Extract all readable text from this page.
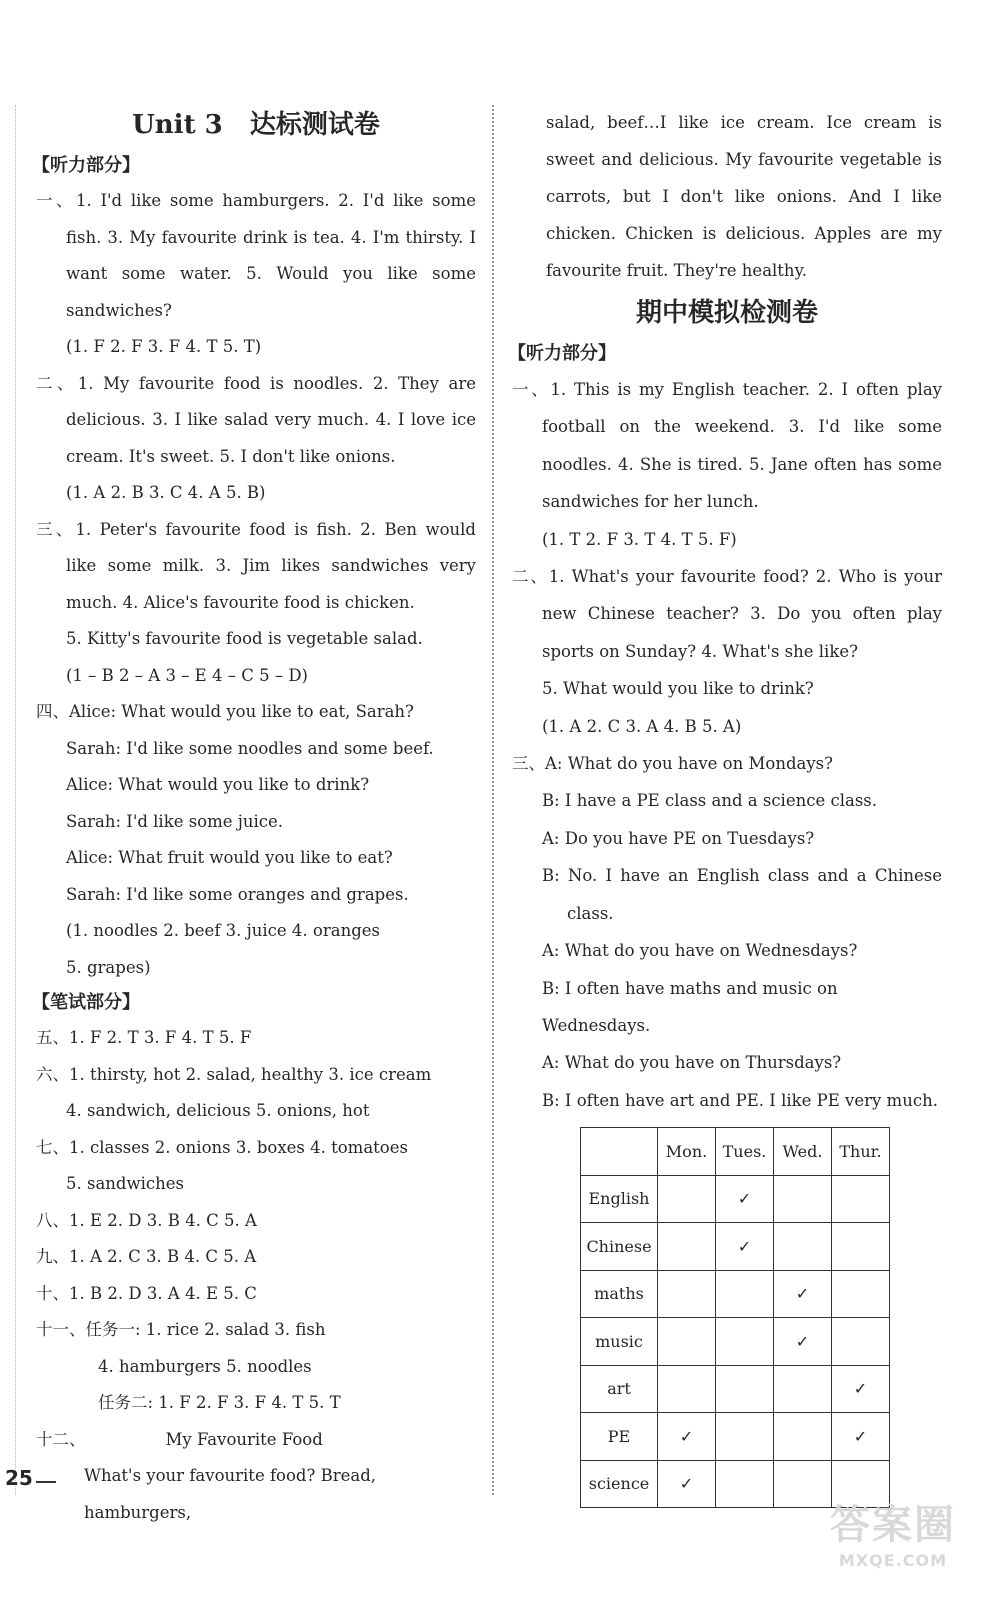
Unit 3   达标测试卷
【听力部分】

一、1. I'd like some hamburgers. 2. I'd like some fish. 3. My favourite drink is tea. 4. I'm thirsty. I want some water. 5. Would you like some sandwiches?

(1. F 2. F 3. F 4. T 5. T)

二、1. My favourite food is noodles. 2. They are delicious. 3. I like salad very much. 4. I love ice cream. It's sweet. 5. I don't like onions.

(1. A 2. B 3. C 4. A 5. B)

三、1. Peter's favourite food is fish. 2. Ben would like some milk. 3. Jim likes sandwiches very much. 4. Alice's favourite food is chicken.

5. Kitty's favourite food is vegetable salad.

(1 – B 2 – A 3 – E 4 – C 5 – D)

四、Alice: What would you like to eat, Sarah?

Sarah: I'd like some noodles and some beef.

Alice: What would you like to drink?

Sarah: I'd like some juice.

Alice: What fruit would you like to eat?

Sarah: I'd like some oranges and grapes.

(1. noodles 2. beef 3. juice 4. oranges

5. grapes)

【笔试部分】

五、1. F 2. T 3. F 4. T 5. F

六、1. thirsty, hot 2. salad, healthy 3. ice cream

4. sandwich, delicious 5. onions, hot

七、1. classes 2. onions 3. boxes 4. tomatoes

5. sandwiches

八、1. E 2. D 3. B 4. C 5. A

九、1. A 2. C 3. B 4. C 5. A

十、1. B 2. D 3. A 4. E 5. C

十一、任务一: 1. rice 2. salad 3. fish

4. hamburgers 5. noodles

任务二: 1. F 2. F 3. F 4. T 5. T

十二、	My Favourite Food

What's your favourite food? Bread, hamburgers,

salad, beef…I like ice cream. Ice cream is sweet and delicious. My favourite vegetable is carrots, but I don't like onions. And I like chicken. Chicken is delicious. Apples are my favourite fruit. They're healthy.

期中模拟检测卷
【听力部分】

一、1. This is my English teacher. 2. I often play football on the weekend. 3. I'd like some noodles. 4. She is tired. 5. Jane often has some sandwiches for her lunch.

(1. T 2. F 3. T 4. T 5. F)

二、1. What's your favourite food? 2. Who is your new Chinese teacher? 3. Do you often play sports on Sunday? 4. What's she like?

5. What would you like to drink?

(1. A 2. C 3. A 4. B 5. A)

三、A: What do you have on Mondays?

B: I have a PE class and a science class.

A: Do you have PE on Tuesdays?

B: No. I have an English class and a Chinese class.

A: What do you have on Wednesdays?

B: I often have maths and music on Wednesdays.

A: What do you have on Thursdays?

B: I often have art and PE. I like PE very much.

	Mon.	Tues.	Wed.	Thur.
English		✓		
Chinese		✓		
maths			✓	
music			✓	
art				✓
PE	✓			✓
science	✓			
25
答案圈
MXQE.COM
